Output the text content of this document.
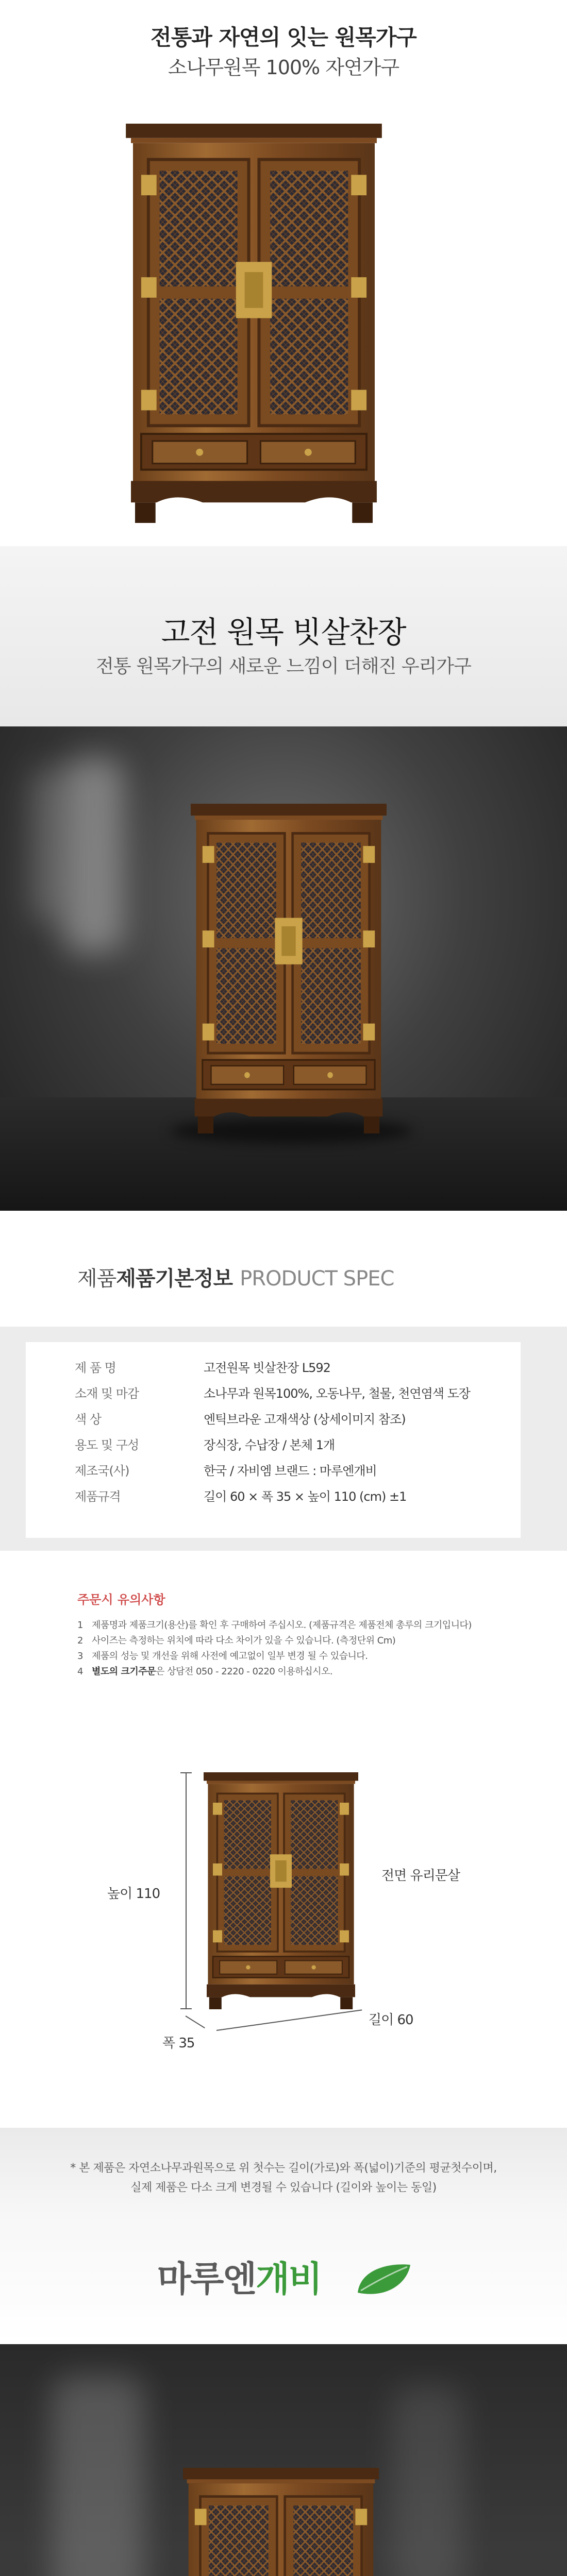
전통과 자연의 잇는 원목가구
소나무원목 100% 자연가구
고전 원목 빗살찬장
전통 원목가구의 새로운 느낌이 더해진 우리가구
제품제품기본정보 PRODUCT SPEC
제 품 명	고전원목 빗살찬장 L592
소재 및 마감	소나무과 원목100%, 오동나무, 철물, 천연염색 도장
색 상	엔틱브라운 고재색상 (상세이미지 참조)
용도 및 구성	장식장, 수납장 / 본체 1개
제조국(사)	한국 / 자비엠 브랜드 : 마루엔개비
제품규격	길이 60 × 폭 35 × 높이 110 (cm) ±1
주문시 유의사항
1 제품명과 제품크기(용산)를 확인 후 구매하여 주십시오. (제품규격은 제품전체 총루의 크기입니다)
2 사이즈는 측정하는 위치에 따라 다소 차이가 있을 수 있습니다. (측정단위 Cm)
3 제품의 성능 및 개선을 위해 사전에 예고없이 일부 변경 될 수 있습니다.
4 별도의 크기주문은 상담전 050 - 2220 - 0220 이용하십시오.
높이 110
폭 35
길이 60
전면 유리문살
* 본 제품은 자연소나무과원목으로 위 첫수는 길이(가로)와 폭(넓이)기준의 평균첫수이며,
실제 제품은 다소 크게 변경될 수 있습니다 (길이와 높이는 동일)
마루엔개비
